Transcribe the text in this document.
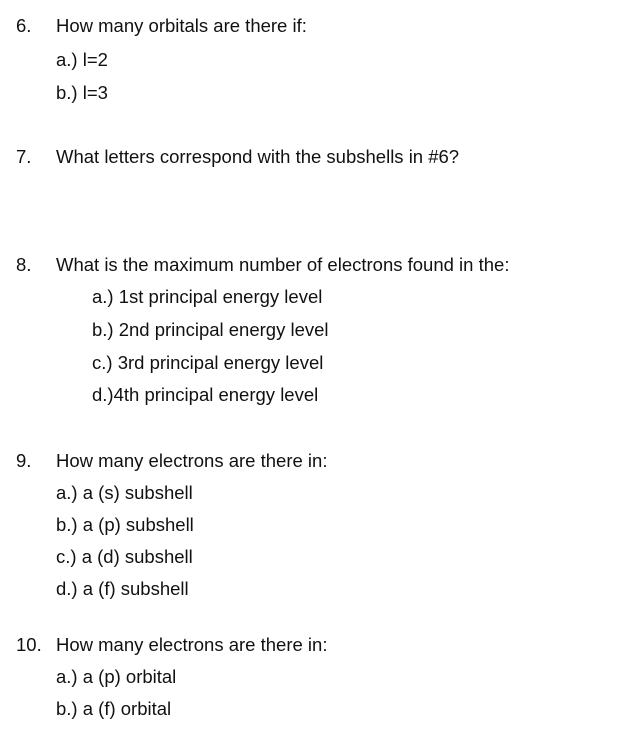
6. How many orbitals are there if:
a.) l=2
b.) l=3
7. What letters correspond with the subshells in #6?
8. What is the maximum number of electrons found in the:
a.) 1st principal energy level
b.) 2nd principal energy level
c.) 3rd principal energy level
d.)4th principal energy level
9. How many electrons are there in:
a.) a (s) subshell
b.) a (p) subshell
c.) a (d) subshell
d.) a (f) subshell
10. How many electrons are there in:
a.) a (p) orbital
b.) a (f) orbital
